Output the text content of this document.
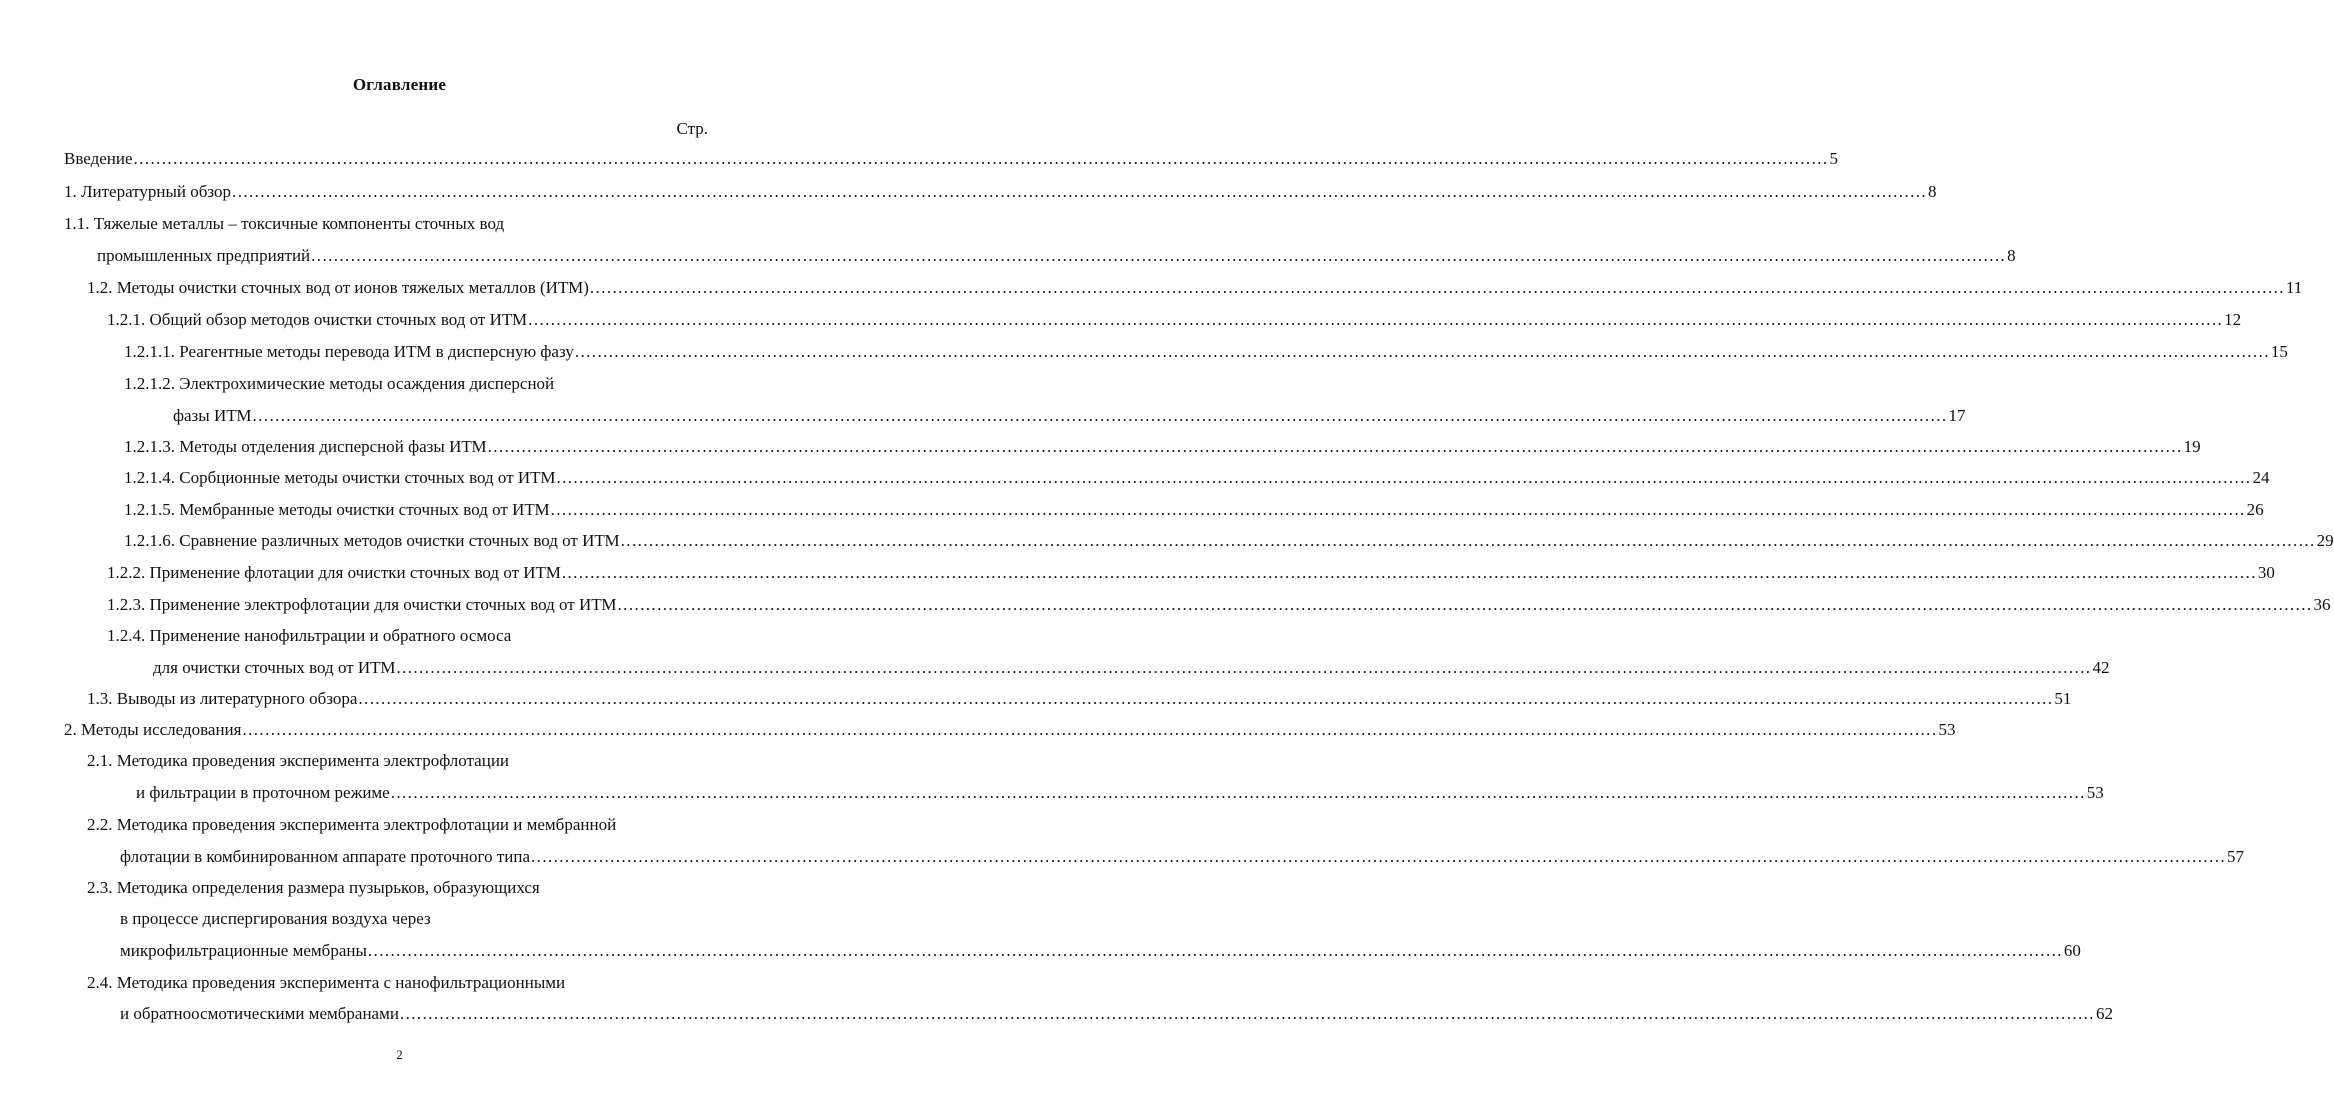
Оглавление
Стр.
Введение ............................................................................................................................................................................................................................................................................................................ 5
1. Литературный обзор ............................................................................................................................................................................................................................................................................................................ 8
1.1. Тяжелые металлы – токсичные компоненты сточных вод
промышленных предприятий ............................................................................................................................................................................................................................................................................................................ 8
1.2. Методы очистки сточных вод от ионов тяжелых металлов (ИТМ) ............................................................................................................................................................................................................................................................................................................ 11
1.2.1. Общий обзор методов очистки сточных вод от ИТМ ............................................................................................................................................................................................................................................................................................................ 12
1.2.1.1. Реагентные методы перевода ИТМ в дисперсную фазу ............................................................................................................................................................................................................................................................................................................ 15
1.2.1.2. Электрохимические методы осаждения дисперсной
фазы ИТМ ............................................................................................................................................................................................................................................................................................................ 17
1.2.1.3. Методы отделения дисперсной фазы ИТМ ............................................................................................................................................................................................................................................................................................................ 19
1.2.1.4. Сорбционные методы очистки сточных вод от ИТМ ............................................................................................................................................................................................................................................................................................................ 24
1.2.1.5. Мембранные методы очистки сточных вод от ИТМ ............................................................................................................................................................................................................................................................................................................ 26
1.2.1.6. Сравнение различных методов очистки сточных вод от ИТМ ............................................................................................................................................................................................................................................................................................................ 29
1.2.2. Применение флотации для очистки сточных вод от ИТМ ............................................................................................................................................................................................................................................................................................................ 30
1.2.3. Применение электрофлотации для очистки сточных вод от ИТМ ............................................................................................................................................................................................................................................................................................................ 36
1.2.4. Применение нанофильтрации и обратного осмоса
для очистки сточных вод от ИТМ ............................................................................................................................................................................................................................................................................................................ 42
1.3. Выводы из литературного обзора ............................................................................................................................................................................................................................................................................................................ 51
2. Методы исследования ............................................................................................................................................................................................................................................................................................................ 53
2.1. Методика проведения эксперимента электрофлотации
и фильтрации в проточном режиме ............................................................................................................................................................................................................................................................................................................ 53
2.2. Методика проведения эксперимента электрофлотации и мембранной
флотации в комбинированном аппарате проточного типа ............................................................................................................................................................................................................................................................................................................ 57
2.3. Методика определения размера пузырьков, образующихся
в процессе диспергирования воздуха через
микрофильтрационные мембраны ............................................................................................................................................................................................................................................................................................................ 60
2.4. Методика проведения эксперимента с нанофильтрационными
и обратноосмотическими мембранами ............................................................................................................................................................................................................................................................................................................ 62
2
